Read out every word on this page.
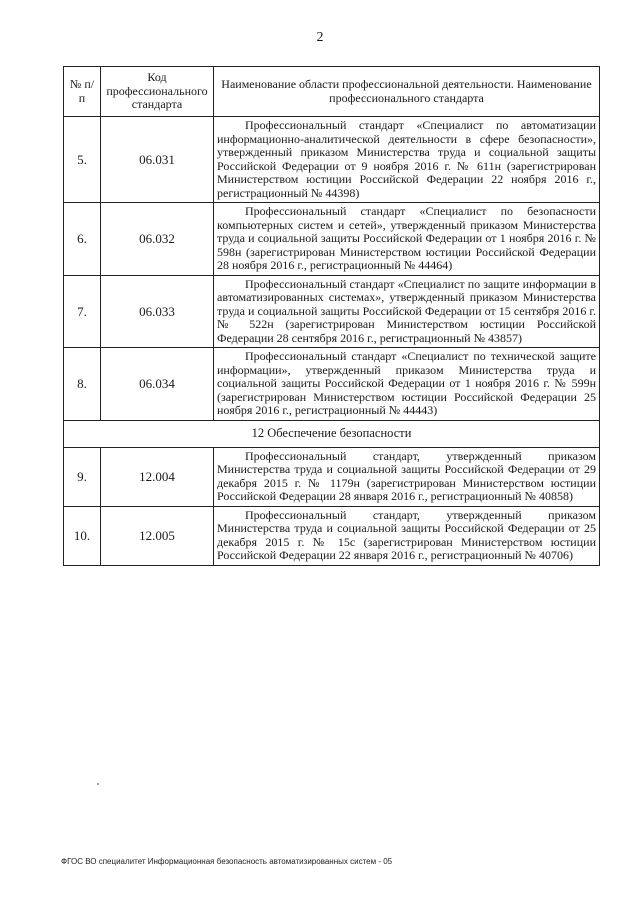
2
№ п/п	Код профессионального стандарта	Наименование области профессиональной деятельности. Наименование профессионального стандарта
5.	06.031	Профессиональный стандарт «Специалист по автоматизации информационно-аналитической деятельности в сфере безопасности», утвержденный приказом Министерства труда и социальной защиты Российской Федерации от 9 ноября 2016 г. № 611н (зарегистрирован Министерством юстиции Российской Федерации 22 ноября 2016 г., регистрационный № 44398)
6.	06.032	Профессиональный стандарт «Специалист по безопасности компьютерных систем и сетей», утвержденный приказом Министерства труда и социальной защиты Российской Федерации от 1 ноября 2016 г. № 598н (зарегистрирован Министерством юстиции Российской Федерации 28 ноября 2016 г., регистрационный № 44464)
7.	06.033	Профессиональный стандарт «Специалист по защите информации в автоматизированных системах», утвержденный приказом Министерства труда и социальной защиты Российской Федерации от 15 сентября 2016 г. № 522н (зарегистрирован Министерством юстиции Российской Федерации 28 сентября 2016 г., регистрационный № 43857)
8.	06.034	Профессиональный стандарт «Специалист по технической защите информации», утвержденный приказом Министерства труда и социальной защиты Российской Федерации от 1 ноября 2016 г. № 599н (зарегистрирован Министерством юстиции Российской Федерации 25 ноября 2016 г., регистрационный № 44443)
12 Обеспечение безопасности		
9.	12.004	Профессиональный стандарт, утвержденный приказом Министерства труда и социальной защиты Российской Федерации от 29 декабря 2015 г. № 1179н (зарегистрирован Министерством юстиции Российской Федерации 28 января 2016 г., регистрационный № 40858)
10.	12.005	Профессиональный стандарт, утвержденный приказом Министерства труда и социальной защиты Российской Федерации от 25 декабря 2015 г. № 15с (зарегистрирован Министерством юстиции Российской Федерации 22 января 2016 г., регистрационный № 40706)
ФГОС ВО специалитет Информационная безопасность автоматизированных систем - 05
